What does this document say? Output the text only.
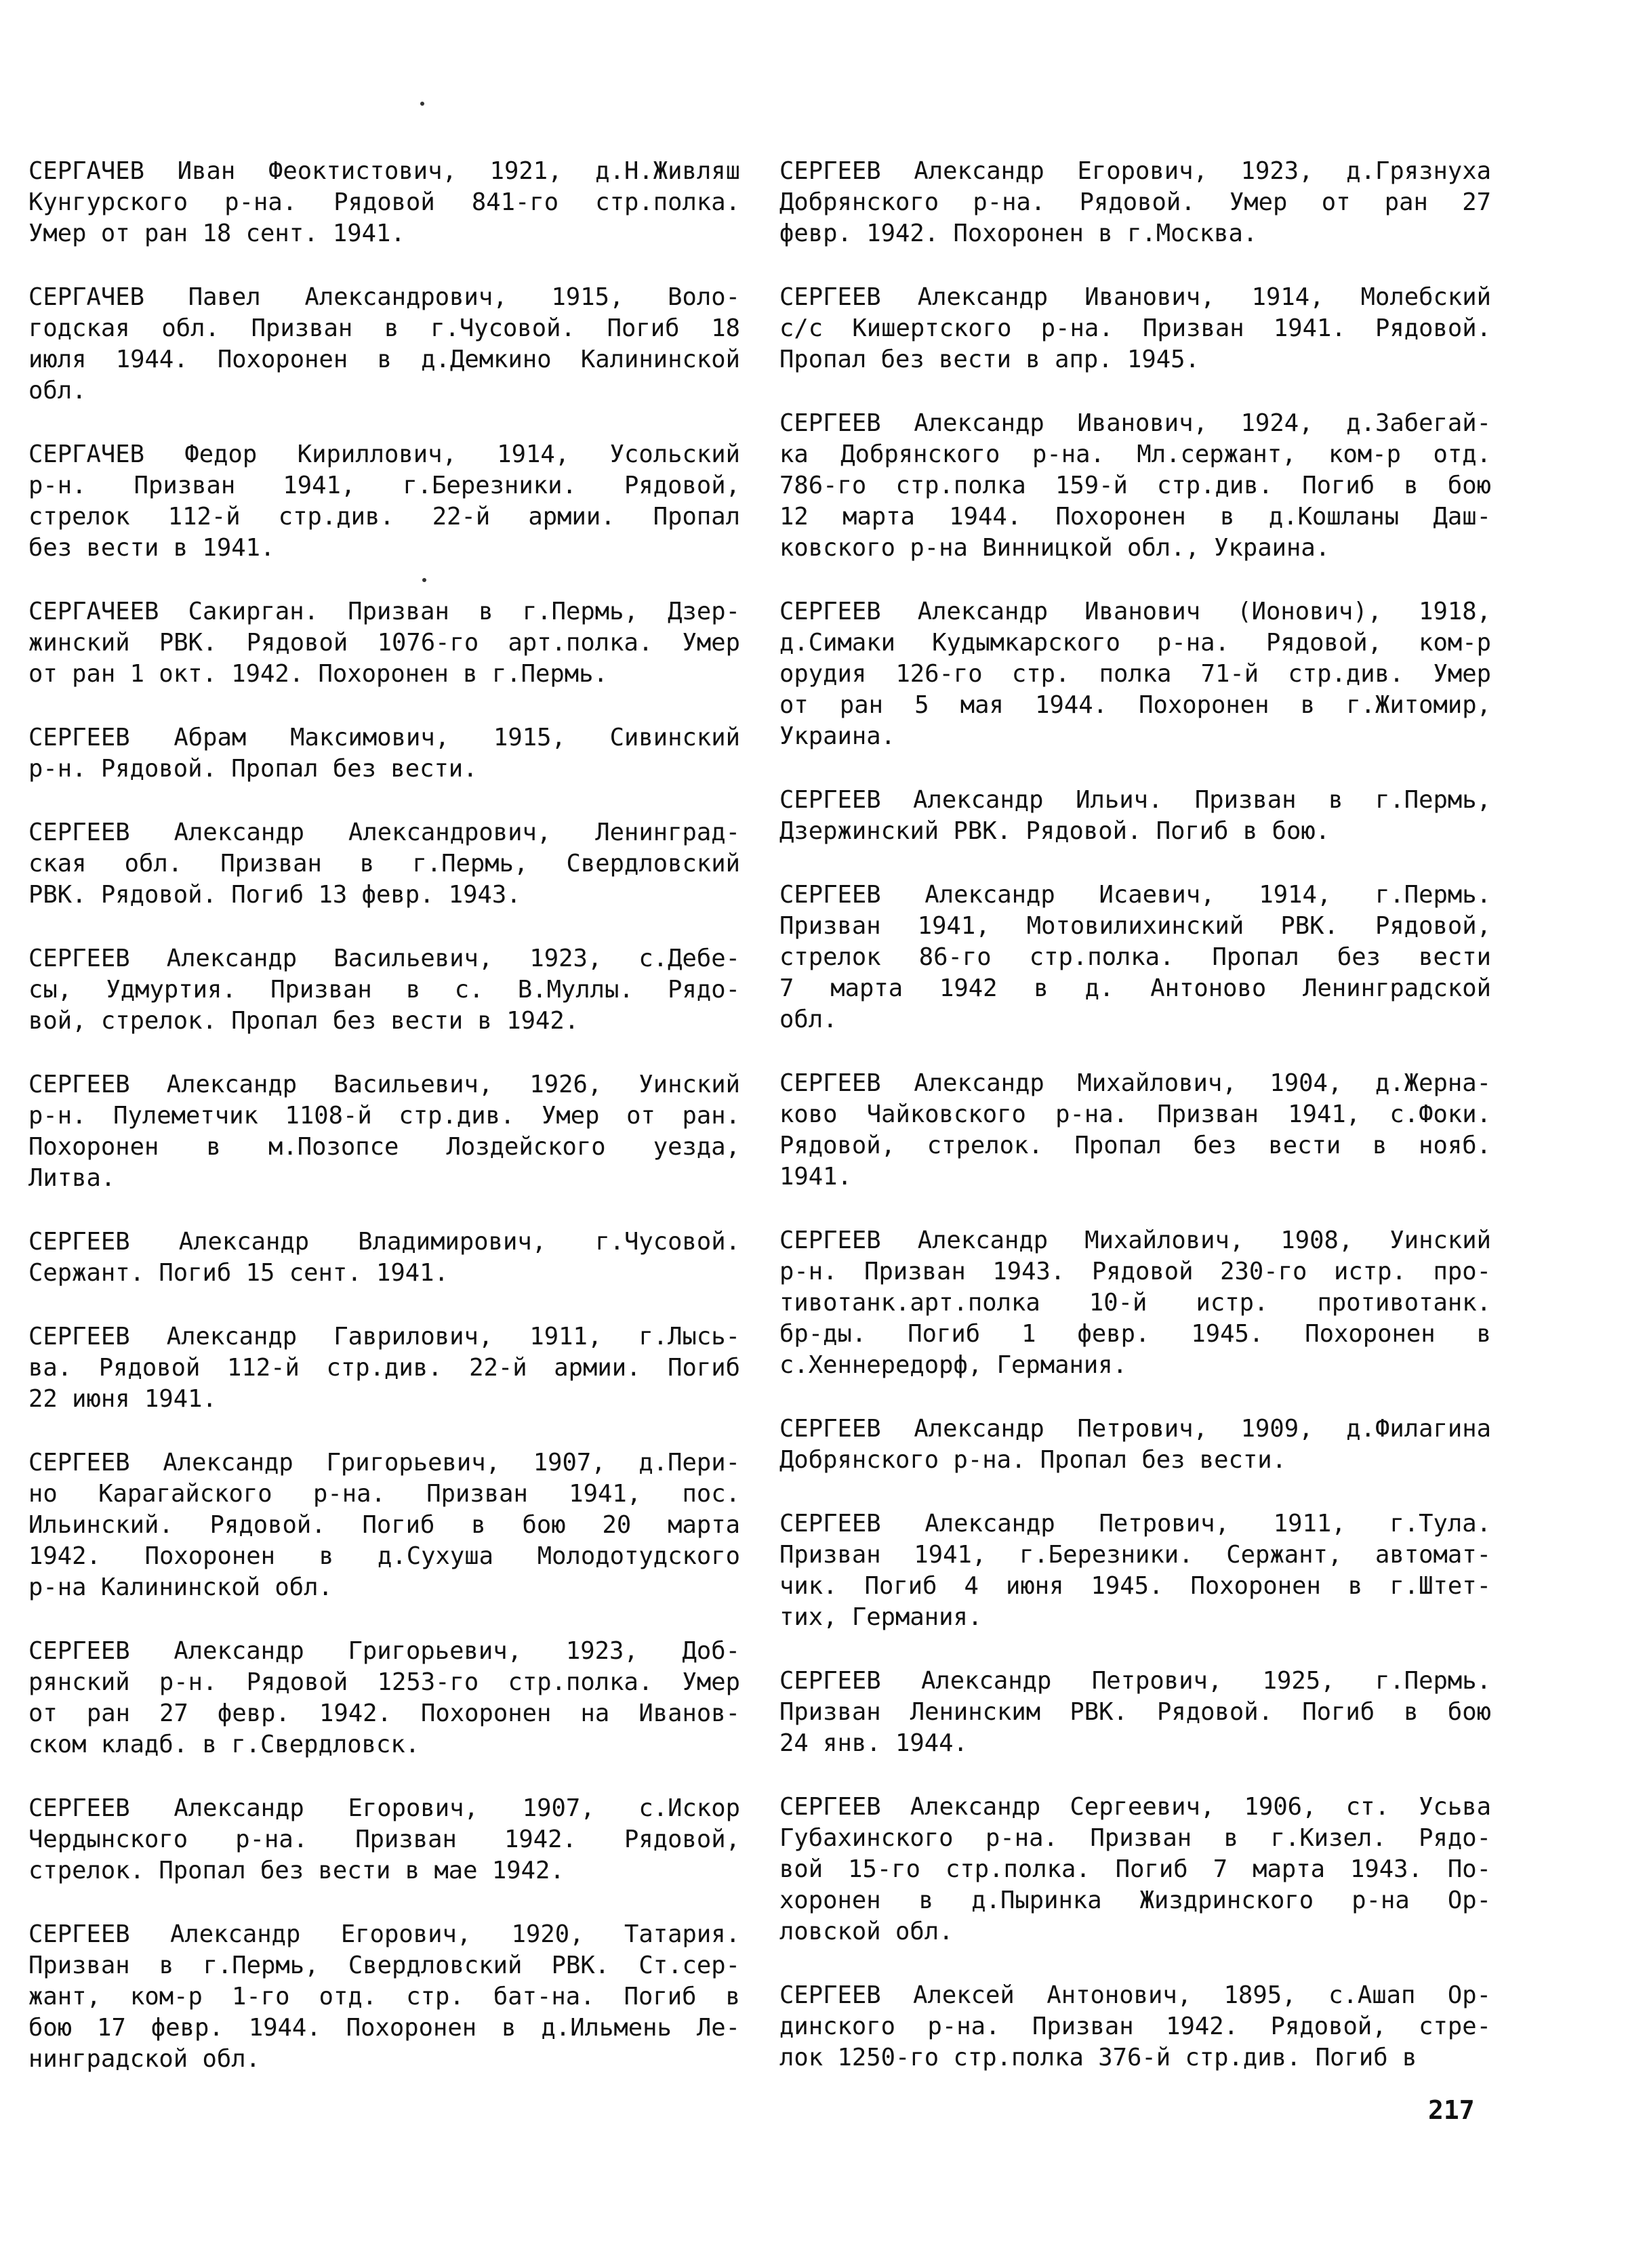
СЕРГАЧЕВ Иван Феоктистович, 1921, д.Н.Живляш
Кунгурского р-на. Рядовой 841-го стр.полка.
Умер от ран 18 сент. 1941.
СЕРГАЧЕВ Павел Александрович, 1915, Воло-
годская обл. Призван в г.Чусовой. Погиб 18
июля 1944. Похоронен в д.Демкино Калининской
обл.
СЕРГАЧЕВ Федор Кириллович, 1914, Усольский
р-н. Призван 1941, г.Березники. Рядовой,
стрелок 112-й стр.див. 22-й армии. Пропал
без вести в 1941.
СЕРГАЧЕЕВ Сакирган. Призван в г.Пермь, Дзер-
жинский РВК. Рядовой 1076-го арт.полка. Умер
от ран 1 окт. 1942. Похоронен в г.Пермь.
СЕРГЕЕВ Абрам Максимович, 1915, Сивинский
р-н. Рядовой. Пропал без вести.
СЕРГЕЕВ Александр Александрович, Ленинград-
ская обл. Призван в г.Пермь, Свердловский
РВК. Рядовой. Погиб 13 февр. 1943.
СЕРГЕЕВ Александр Васильевич, 1923, с.Дебе-
сы, Удмуртия. Призван в с. В.Муллы. Рядо-
вой, стрелок. Пропал без вести в 1942.
СЕРГЕЕВ Александр Васильевич, 1926, Уинский
р-н. Пулеметчик 1108-й стр.див. Умер от ран.
Похоронен в м.Позопсе Лоздейского уезда,
Литва.
СЕРГЕЕВ Александр Владимирович, г.Чусовой.
Сержант. Погиб 15 сент. 1941.
СЕРГЕЕВ Александр Гаврилович, 1911, г.Лысь-
ва. Рядовой 112-й стр.див. 22-й армии. Погиб
22 июня 1941.
СЕРГЕЕВ Александр Григорьевич, 1907, д.Пери-
но Карагайского р-на. Призван 1941, пос.
Ильинский. Рядовой. Погиб в бою 20 марта
1942. Похоронен в д.Сухуша Молодотудского
р-на Калининской обл.
СЕРГЕЕВ Александр Григорьевич, 1923, Доб-
рянский р-н. Рядовой 1253-го стр.полка. Умер
от ран 27 февр. 1942. Похоронен на Иванов-
ском кладб. в г.Свердловск.
СЕРГЕЕВ Александр Егорович, 1907, с.Искор
Чердынского р-на. Призван 1942. Рядовой,
стрелок. Пропал без вести в мае 1942.
СЕРГЕЕВ Александр Егорович, 1920, Татария.
Призван в г.Пермь, Свердловский РВК. Ст.сер-
жант, ком-р 1-го отд. стр. бат-на. Погиб в
бою 17 февр. 1944. Похоронен в д.Ильмень Ле-
нинградской обл.
СЕРГЕЕВ Александр Егорович, 1923, д.Грязнуха
Добрянского р-на. Рядовой. Умер от ран 27
февр. 1942. Похоронен в г.Москва.
СЕРГЕЕВ Александр Иванович, 1914, Молебский
с/с Кишертского р-на. Призван 1941. Рядовой.
Пропал без вести в апр. 1945.
СЕРГЕЕВ Александр Иванович, 1924, д.Забегай-
ка Добрянского р-на. Мл.сержант, ком-р отд.
786-го стр.полка 159-й стр.див. Погиб в бою
12 марта 1944. Похоронен в д.Кошланы Даш-
ковского р-на Винницкой обл., Украина.
СЕРГЕЕВ Александр Иванович (Ионович), 1918,
д.Симаки Кудымкарского р-на. Рядовой, ком-р
орудия 126-го стр. полка 71-й стр.див. Умер
от ран 5 мая 1944. Похоронен в г.Житомир,
Украина.
СЕРГЕЕВ Александр Ильич. Призван в г.Пермь,
Дзержинский РВК. Рядовой. Погиб в бою.
СЕРГЕЕВ Александр Исаевич, 1914, г.Пермь.
Призван 1941, Мотовилихинский РВК. Рядовой,
стрелок 86-го стр.полка. Пропал без вести
7 марта 1942 в д. Антоново Ленинградской
обл.
СЕРГЕЕВ Александр Михайлович, 1904, д.Жерна-
ково Чайковского р-на. Призван 1941, с.Фоки.
Рядовой, стрелок. Пропал без вести в нояб.
1941.
СЕРГЕЕВ Александр Михайлович, 1908, Уинский
р-н. Призван 1943. Рядовой 230-го истр. про-
тивотанк.арт.полка 10-й истр. противотанк.
бр-ды. Погиб 1 февр. 1945. Похоронен в
с.Хеннередорф, Германия.
СЕРГЕЕВ Александр Петрович, 1909, д.Филагина
Добрянского р-на. Пропал без вести.
СЕРГЕЕВ Александр Петрович, 1911, г.Тула.
Призван 1941, г.Березники. Сержант, автомат-
чик. Погиб 4 июня 1945. Похоронен в г.Штет-
тих, Германия.
СЕРГЕЕВ Александр Петрович, 1925, г.Пермь.
Призван Ленинским РВК. Рядовой. Погиб в бою
24 янв. 1944.
СЕРГЕЕВ Александр Сергеевич, 1906, ст. Усьва
Губахинского р-на. Призван в г.Кизел. Рядо-
вой 15-го стр.полка. Погиб 7 марта 1943. По-
хоронен в д.Пыринка Жиздринского р-на Ор-
ловской обл.
СЕРГЕЕВ Алексей Антонович, 1895, с.Ашап Ор-
динского р-на. Призван 1942. Рядовой, стре-
лок 1250-го стр.полка 376-й стр.див. Погиб в
217
